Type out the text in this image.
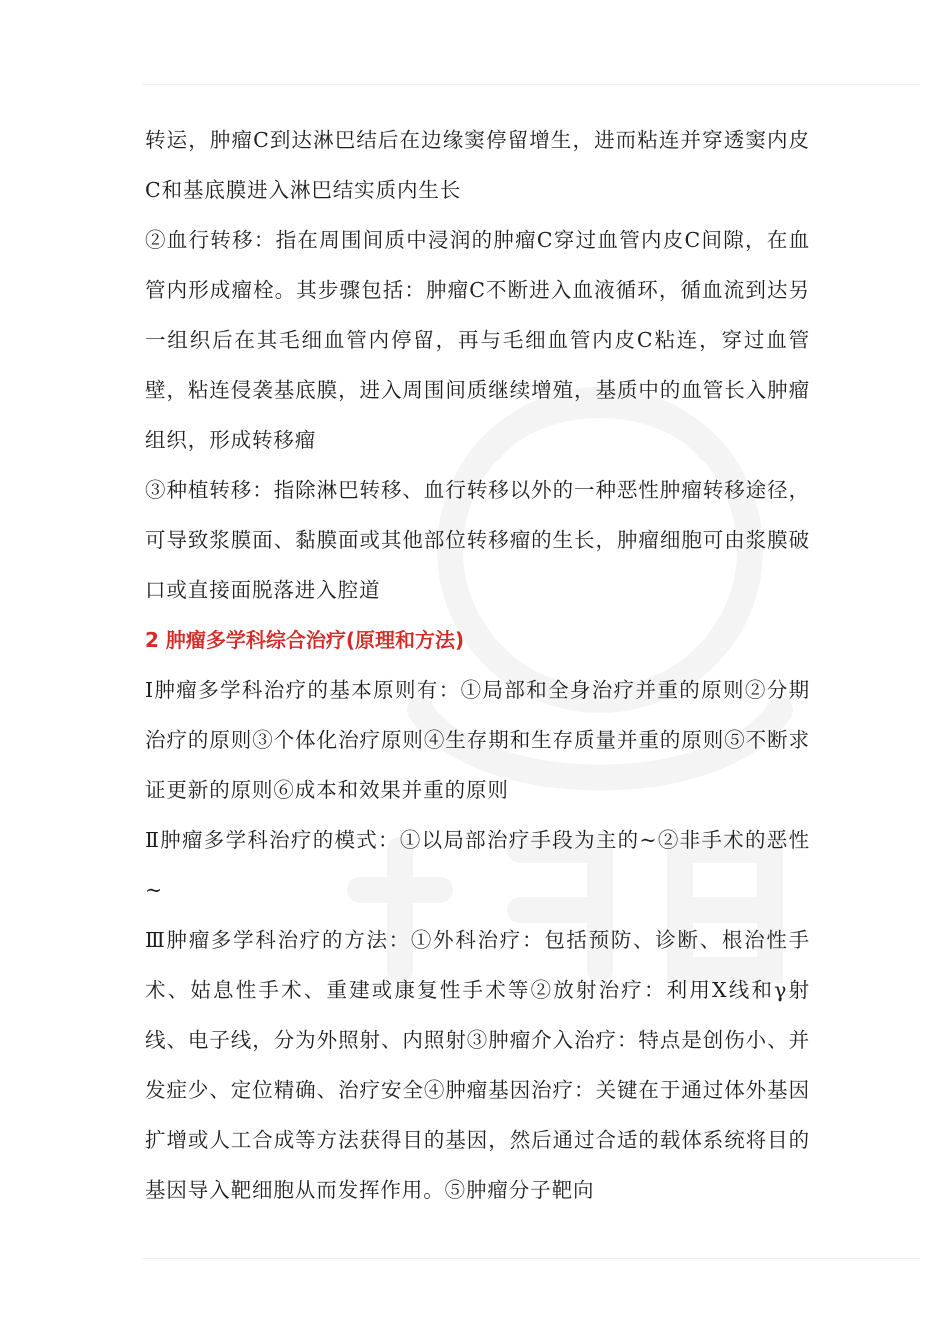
转运，肿瘤C到达淋巴结后在边缘窦停留增生，进而粘连并穿透窦内皮C和基底膜进入淋巴结实质内生长

②血行转移：指在周围间质中浸润的肿瘤C穿过血管内皮C间隙，在血管内形成瘤栓。其步骤包括：肿瘤C不断进入血液循环，循血流到达另一组织后在其毛细血管内停留，再与毛细血管内皮C粘连，穿过血管壁，粘连侵袭基底膜，进入周围间质继续增殖，基质中的血管长入肿瘤组织，形成转移瘤

③种植转移：指除淋巴转移、血行转移以外的一种恶性肿瘤转移途径，可导致浆膜面、黏膜面或其他部位转移瘤的生长，肿瘤细胞可由浆膜破口或直接面脱落进入腔道

2 肿瘤多学科综合治疗(原理和方法)

Ⅰ肿瘤多学科治疗的基本原则有：①局部和全身治疗并重的原则②分期治疗的原则③个体化治疗原则④生存期和生存质量并重的原则⑤不断求证更新的原则⑥成本和效果并重的原则

Ⅱ肿瘤多学科治疗的模式：①以局部治疗手段为主的~②非手术的恶性~

Ⅲ肿瘤多学科治疗的方法：①外科治疗：包括预防、诊断、根治性手术、姑息性手术、重建或康复性手术等②放射治疗：利用X线和γ射线、电子线，分为外照射、内照射③肿瘤介入治疗：特点是创伤小、并发症少、定位精确、治疗安全④肿瘤基因治疗：关键在于通过体外基因扩增或人工合成等方法获得目的基因，然后通过合适的载体系统将目的基因导入靶细胞从而发挥作用。⑤肿瘤分子靶向
